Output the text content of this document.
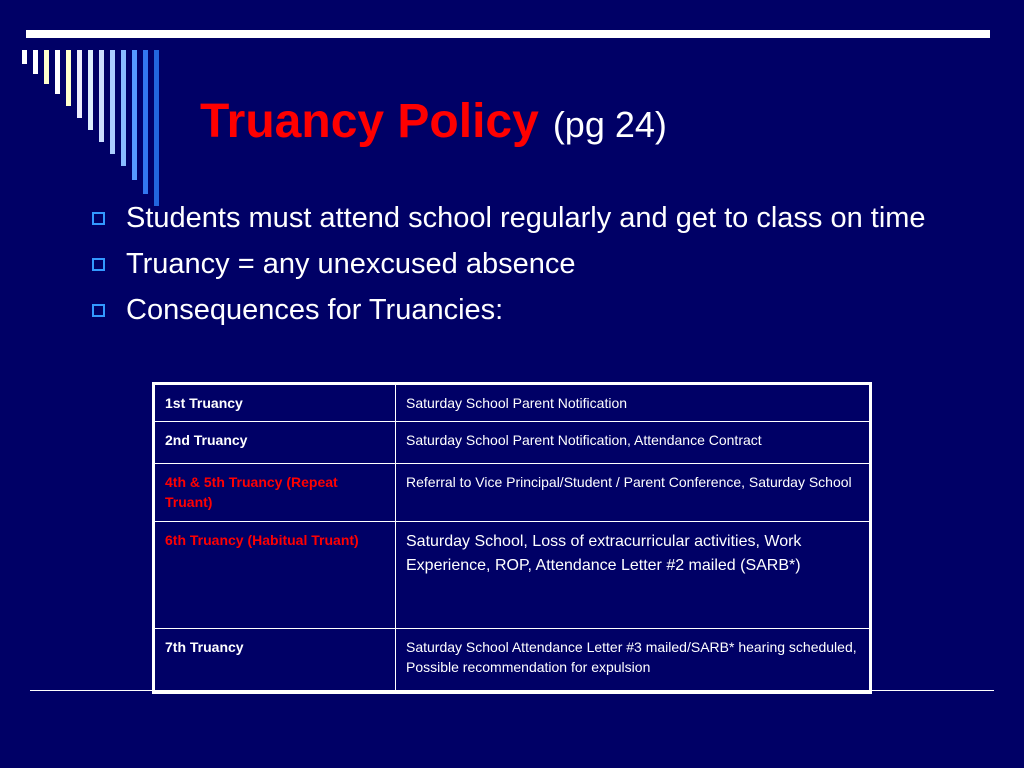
Truancy Policy (pg 24)
Students must attend school regularly and get to class on time
Truancy = any unexcused absence
Consequences for Truancies:
1st Truancy	Saturday School Parent Notification
2nd Truancy	Saturday School Parent Notification, Attendance Contract
4th & 5th Truancy (Repeat Truant)	Referral to Vice Principal/Student / Parent Conference, Saturday School
6th Truancy (Habitual Truant)	Saturday School, Loss of extracurricular activities, Work Experience, ROP, Attendance Letter #2 mailed (SARB*)
7th Truancy	Saturday School Attendance Letter #3 mailed/SARB* hearing scheduled, Possible recommendation for expulsion
